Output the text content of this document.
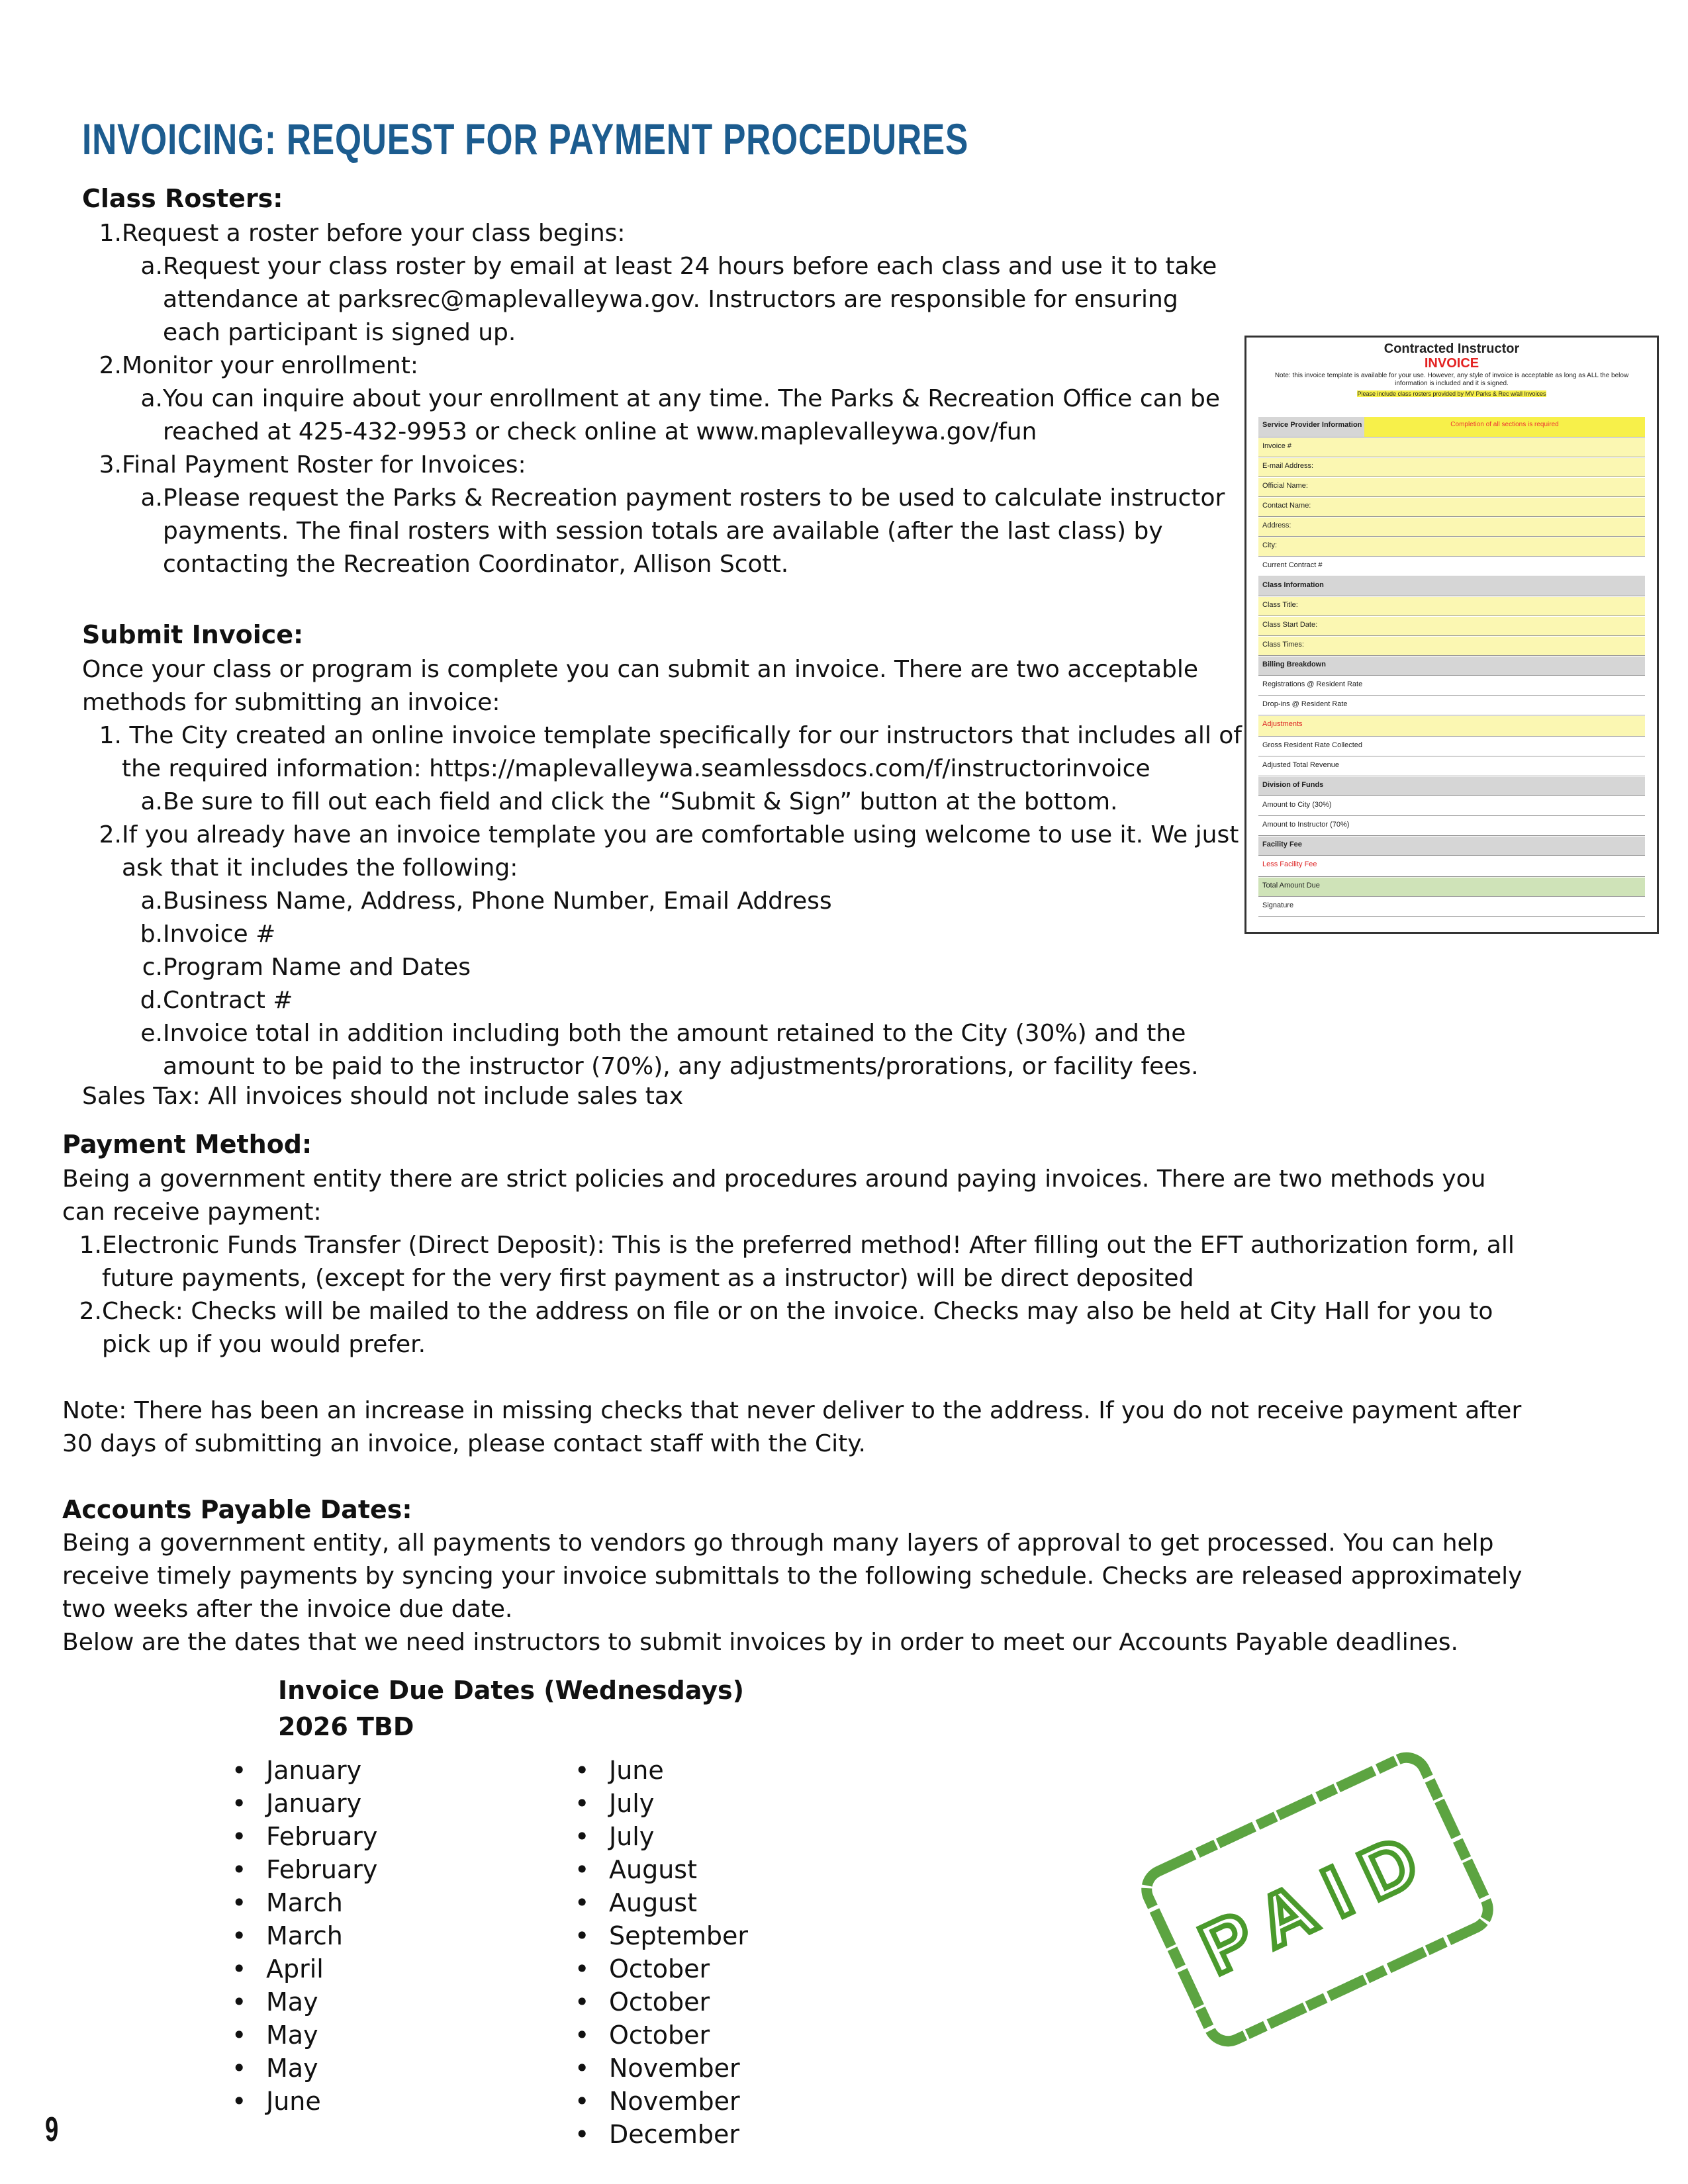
INVOICING: REQUEST FOR PAYMENT PROCEDURES
Class Rosters:
1.Request a roster before your class begins:
a.Request your class roster by email at least 24 hours before each class and use it to take
attendance at parksrec@maplevalleywa.gov. Instructors are responsible for ensuring
each participant is signed up.
2.Monitor your enrollment:
a.You can inquire about your enrollment at any time. The Parks & Recreation Office can be
reached at 425-432-9953 or check online at www.maplevalleywa.gov/fun
3.Final Payment Roster for Invoices:
a.Please request the Parks & Recreation payment rosters to be used to calculate instructor
payments. The final rosters with session totals are available (after the last class) by
contacting the Recreation Coordinator, Allison Scott.
Submit Invoice:
Once your class or program is complete you can submit an invoice. There are two acceptable
methods for submitting an invoice:
1. The City created an online invoice template specifically for our instructors that includes all of
the required information: https://maplevalleywa.seamlessdocs.com/f/instructorinvoice
a.Be sure to fill out each field and click the “Submit & Sign” button at the bottom.
2.If you already have an invoice template you are comfortable using welcome to use it. We just
ask that it includes the following:
a.Business Name, Address, Phone Number, Email Address
b.Invoice #
c.Program Name and Dates
d.Contract #
e.Invoice total in addition including both the amount retained to the City (30%) and the
amount to be paid to the instructor (70%), any adjustments/prorations, or facility fees.
Sales Tax: All invoices should not include sales tax
Payment Method:
Being a government entity there are strict policies and procedures around paying invoices. There are two methods you
can receive payment:
1.Electronic Funds Transfer (Direct Deposit): This is the preferred method! After filling out the EFT authorization form, all
future payments, (except for the very first payment as a instructor) will be direct deposited
2.Check: Checks will be mailed to the address on file or on the invoice. Checks may also be held at City Hall for you to
pick up if you would prefer.
Note: There has been an increase in missing checks that never deliver to the address. If you do not receive payment after
30 days of submitting an invoice, please contact staff with the City.
Accounts Payable Dates:
Being a government entity, all payments to vendors go through many layers of approval to get processed. You can help
receive timely payments by syncing your invoice submittals to the following schedule. Checks are released approximately
two weeks after the invoice due date.
Below are the dates that we need instructors to submit invoices by in order to meet our Accounts Payable deadlines.
Invoice Due Dates (Wednesdays)
2026 TBD
• January
• January
• February
• February
• March
• March
• April
• May
• May
• May
• June
• June
• July
• July
• August
• August
• September
• October
• October
• October
• November
• November
• December
Contracted Instructor
INVOICE
Note: this invoice template is available for your use. However, any style of invoice is acceptable as long as ALL the below information is included and it is signed.
Please include class rosters provided by MV Parks & Rec w/all Invoices
Service Provider Information	Completion of all sections is required
Invoice #
E-mail Address:
Official Name:
Contact Name:
Address:
City:
Current Contract #
Class Information
Class Title:
Class Start Date:
Class Times:
Billing Breakdown
Registrations @ Resident Rate
Drop-ins @ Resident Rate
Adjustments
Gross Resident Rate Collected
Adjusted Total Revenue
Division of Funds
Amount to City (30%)
Amount to Instructor (70%)
Facility Fee
Less Facility Fee
Total Amount Due
Signature
PAID
9
